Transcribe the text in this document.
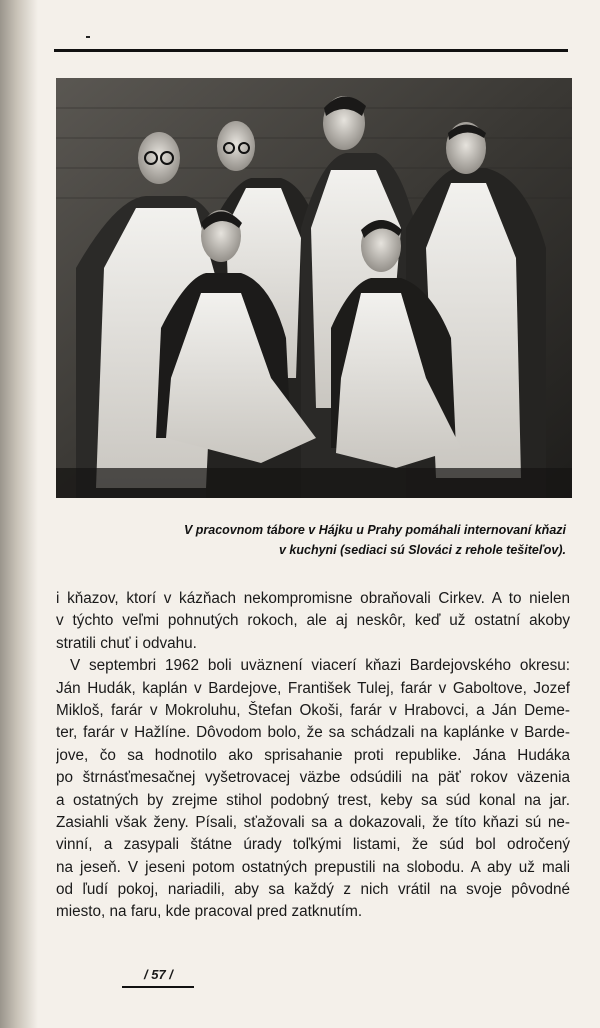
V pracovnom tábore v Hájku u Prahy pomáhali internovaní kňazi
v kuchyni (sediaci sú Slováci z rehole tešiteľov).
i kňazov, ktorí v kázňach nekompromisne obraňovali Cirkev. A to nielen
v týchto veľmi pohnutých rokoch, ale aj neskôr, keď už ostatní akoby
stratili chuť i odvahu.
V septembri 1962 boli uväznení viacerí kňazi Bardejovského okresu:
Ján Hudák, kaplán v Bardejove, František Tulej, farár v Gaboltove, Jozef
Mikloš, farár v Mokroluhu, Štefan Okoši, farár v Hrabovci, a Ján Deme-
ter, farár v Hažlíne. Dôvodom bolo, že sa schádzali na kaplánke v Barde-
jove, čo sa hodnotilo ako sprisahanie proti republike. Jána Hudáka
po štrnásťmesačnej vyšetrovacej väzbe odsúdili na päť rokov väzenia
a ostatných by zrejme stihol podobný trest, keby sa súd konal na jar.
Zasiahli však ženy. Písali, sťažovali sa a dokazovali, že títo kňazi sú ne-
vinní, a zasypali štátne úrady toľkými listami, že súd bol odročený
na jeseň. V jeseni potom ostatných prepustili na slobodu. A aby už mali
od ľudí pokoj, nariadili, aby sa každý z nich vrátil na svoje pôvodné
miesto, na faru, kde pracoval pred zatknutím.
/ 57 /
